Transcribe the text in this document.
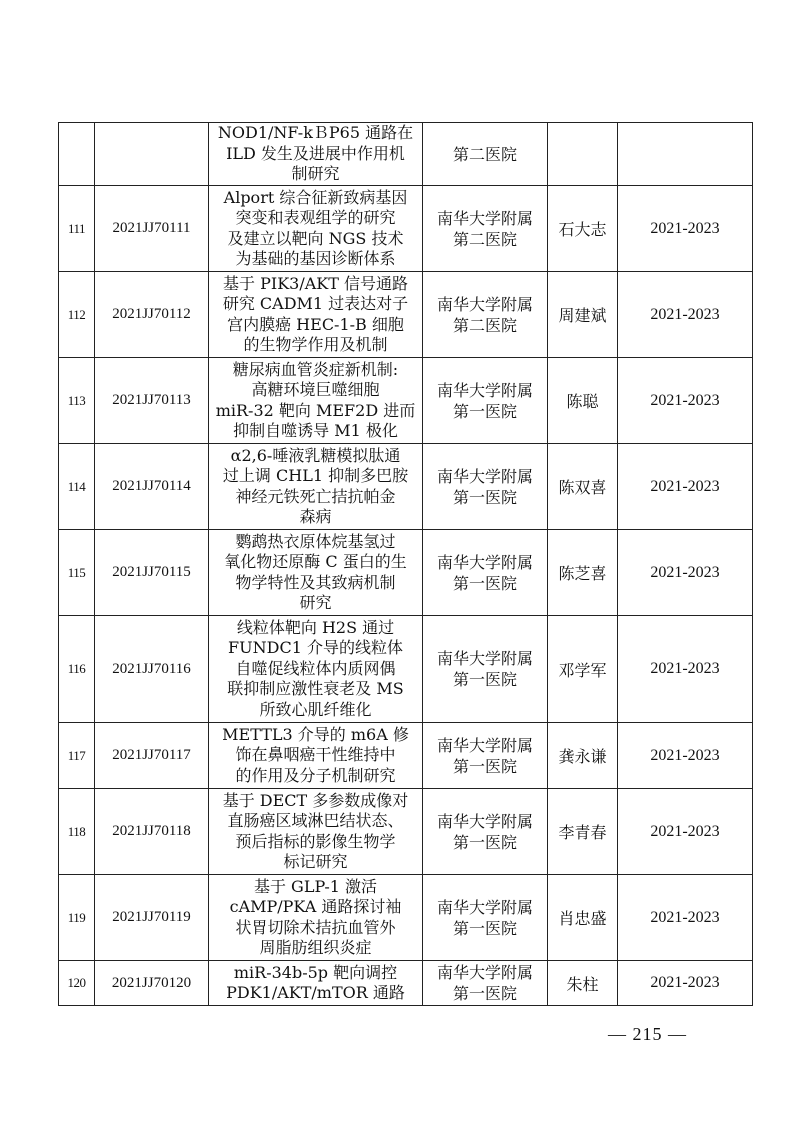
		NOD1/NF-kＢP65 通路在
ILD 发生及进展中作用机
制研究	第二医院		

111	2021JJ70111	Alport 综合征新致病基因
突变和表观组学的研究
及建立以靶向 NGS 技术
为基础的基因诊断体系	南华大学附属
第二医院	石大志	2021-2023
112	2021JJ70112	基于 PIK3/AKT 信号通路
研究 CADM1 过表达对子
宫内膜癌 HEC-1-B 细胞
的生物学作用及机制	南华大学附属
第二医院	周建斌	2021-2023
113	2021JJ70113	糖尿病血管炎症新机制:
高糖环境巨噬细胞
miR-32 靶向 MEF2D 进而
抑制自噬诱导 M1 极化	南华大学附属
第一医院	陈聪	2021-2023
114	2021JJ70114	α2,6-唾液乳糖模拟肽通
过上调 CHL1 抑制多巴胺
神经元铁死亡拮抗帕金
森病	南华大学附属
第一医院	陈双喜	2021-2023
115	2021JJ70115	鹦鹉热衣原体烷基氢过
氧化物还原酶 C 蛋白的生
物学特性及其致病机制
研究	南华大学附属
第一医院	陈芝喜	2021-2023
116	2021JJ70116	线粒体靶向 H2S 通过
FUNDC1 介导的线粒体
自噬促线粒体内质网偶
联抑制应激性衰老及 MS
所致心肌纤维化	南华大学附属
第一医院	邓学军	2021-2023
117	2021JJ70117	METTL3 介导的 m6A 修
饰在鼻咽癌干性维持中
的作用及分子机制研究	南华大学附属
第一医院	龚永谦	2021-2023
118	2021JJ70118	基于 DECT 多参数成像对
直肠癌区域淋巴结状态、
预后指标的影像生物学
标记研究	南华大学附属
第一医院	李青春	2021-2023
119	2021JJ70119	基于 GLP-1 激活
cAMP/PKA 通路探讨袖
状胃切除术拮抗血管外
周脂肪组织炎症	南华大学附属
第一医院	肖忠盛	2021-2023
120	2021JJ70120	miR-34b-5p 靶向调控
PDK1/AKT/mTOR 通路	南华大学附属
第一医院	朱柱	2021-2023
— 215 —
